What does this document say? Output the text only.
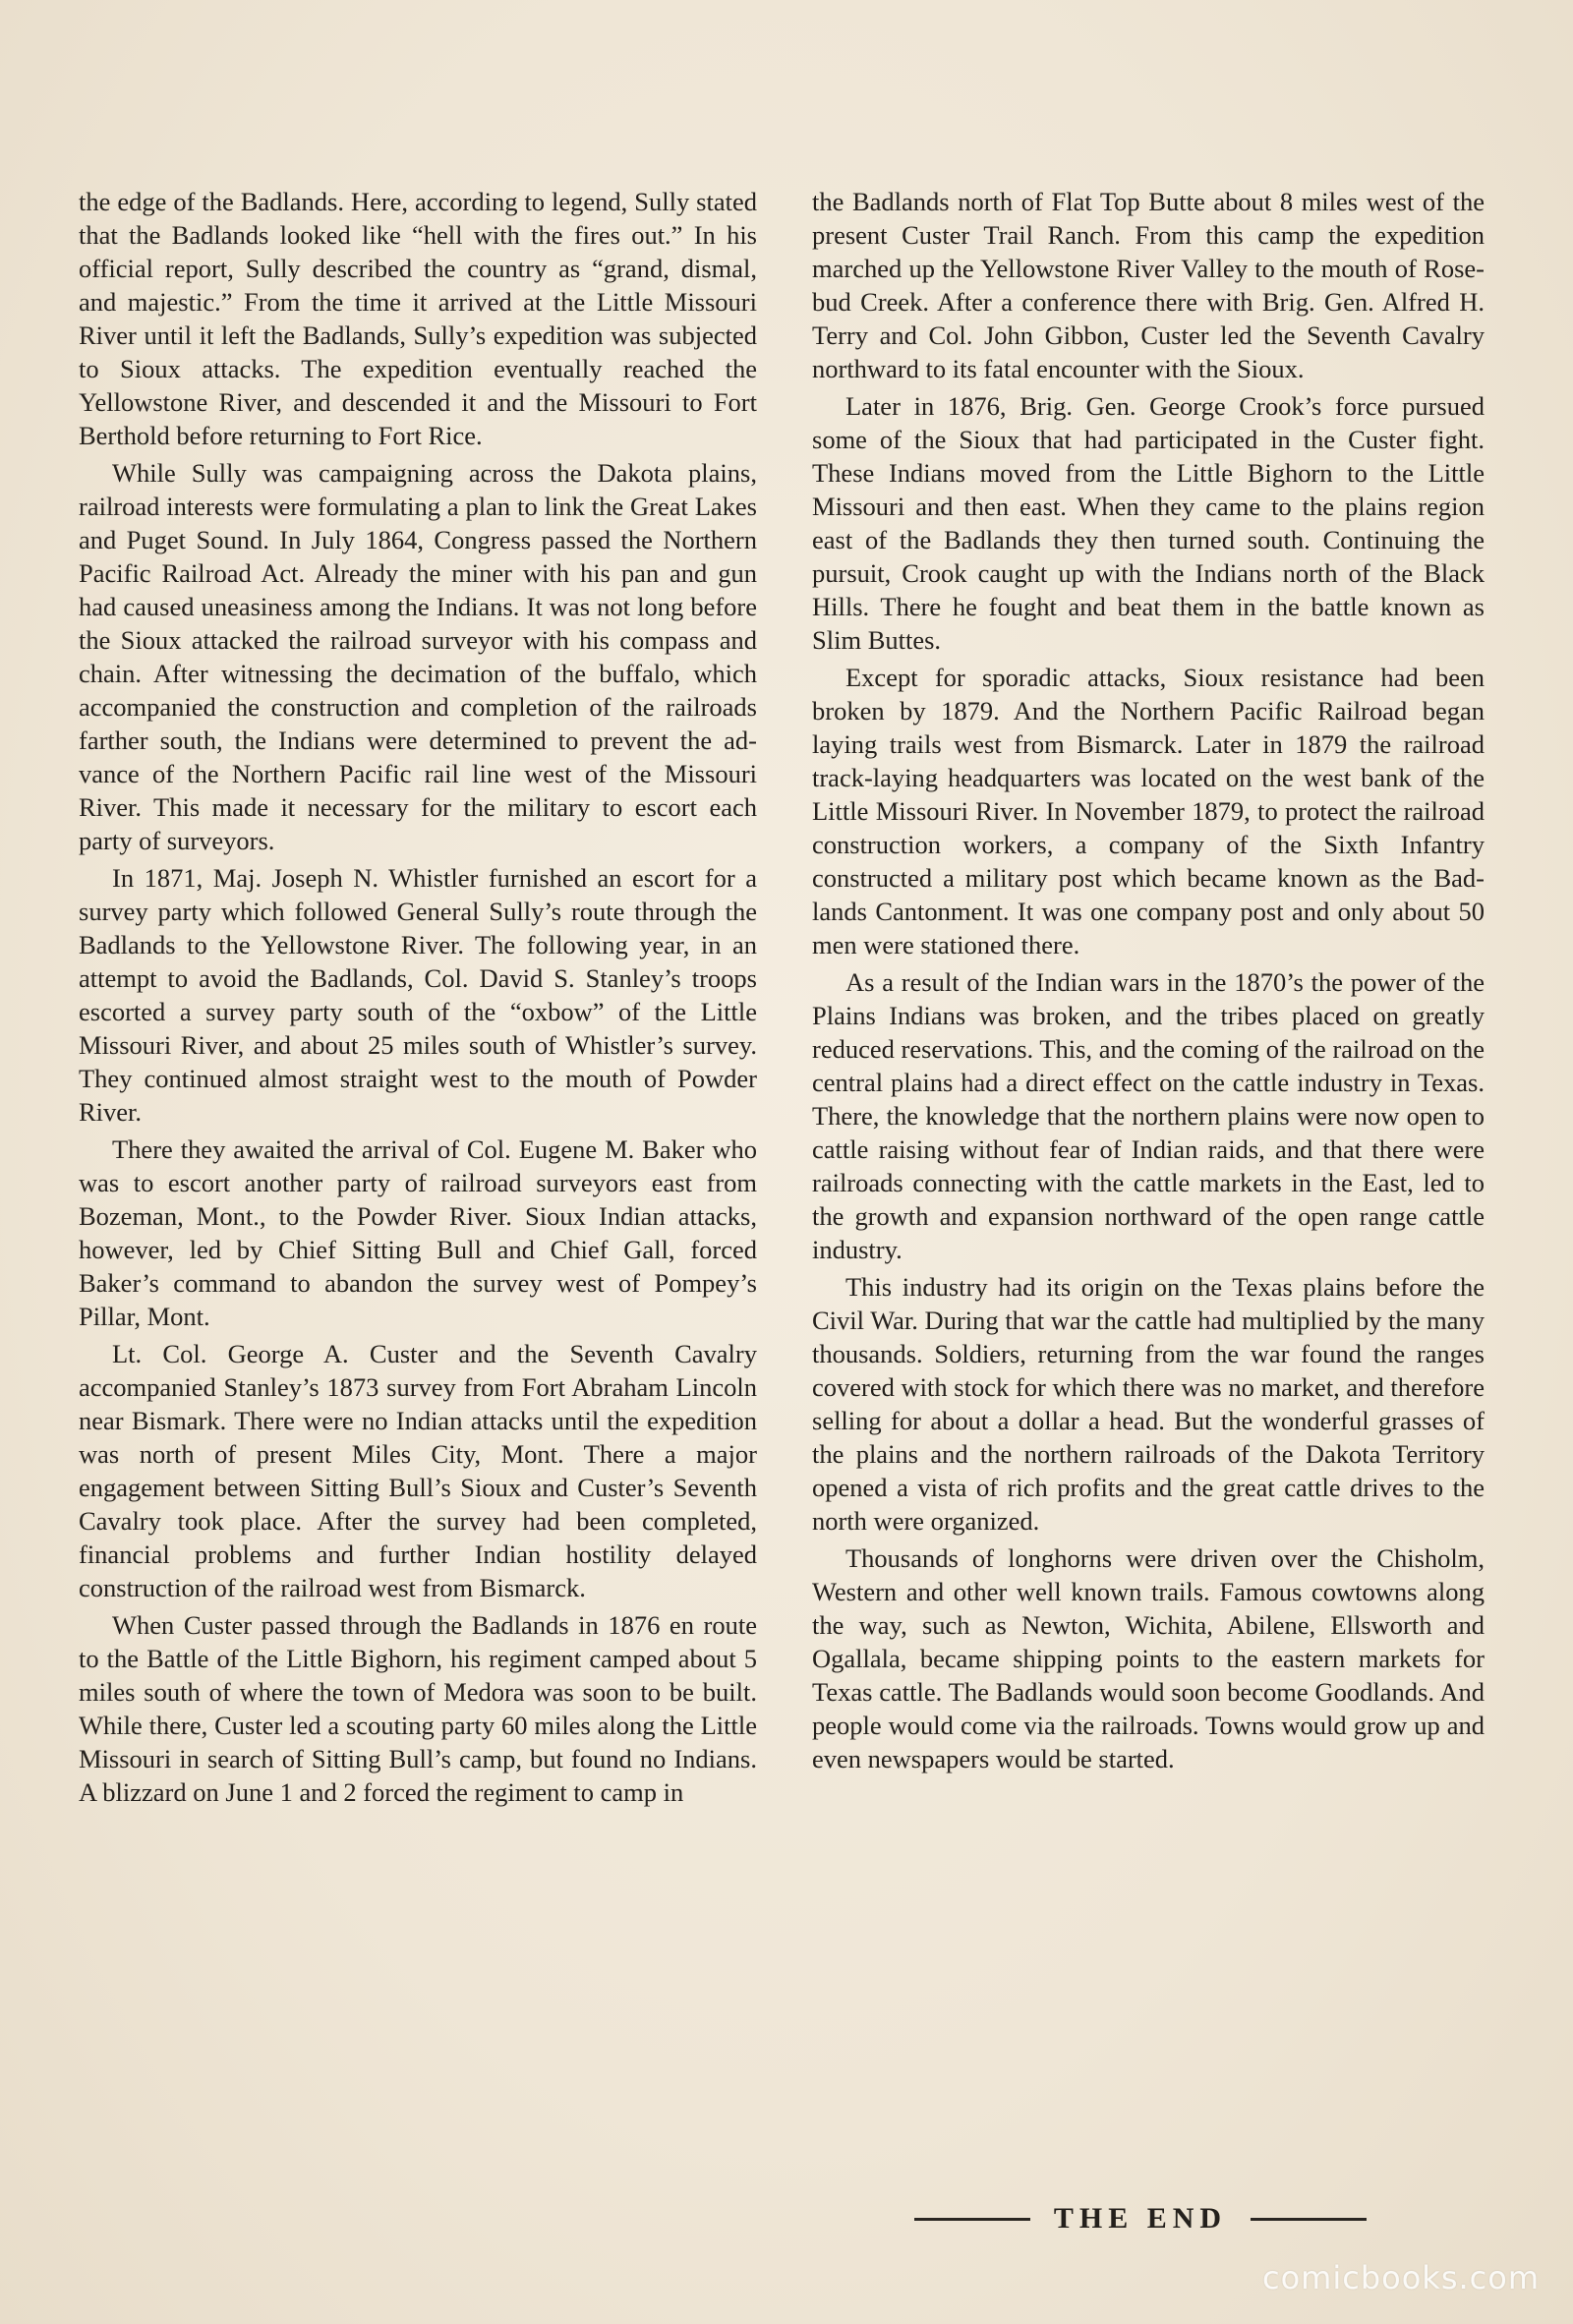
the edge of the Badlands. Here, according to legend, Sully stated that the Badlands looked like “hell with the fires out.” In his official report, Sully described the country as “grand, dismal, and majestic.” From the time it arrived at the Little Missouri River until it left the Badlands, Sully’s expedition was subjected to Sioux attacks. The expedition eventually reached the Yellowstone River, and descended it and the Missouri to Fort Berthold before returning to Fort Rice.

While Sully was campaigning across the Dakota plains, railroad interests were formulating a plan to link the Great Lakes and Puget Sound. In July 1864, Congress passed the Northern Pacific Railroad Act. Already the miner with his pan and gun had caused uneasiness among the Indians. It was not long before the Sioux attacked the railroad surveyor with his compass and chain. After witnessing the decimation of the buffalo, which accompanied the construction and completion of the railroads farther south, the Indians were determined to prevent the advance of the Northern Pacific rail line west of the Missouri River. This made it necessary for the military to escort each party of surveyors.

In 1871, Maj. Joseph N. Whistler furnished an escort for a survey party which followed General Sully’s route through the Badlands to the Yellowstone River. The following year, in an attempt to avoid the Badlands, Col. David S. Stanley’s troops escorted a survey party south of the “oxbow” of the Little Missouri River, and about 25 miles south of Whistler’s survey. They continued almost straight west to the mouth of Powder River.

There they awaited the arrival of Col. Eugene M. Baker who was to escort another party of railroad surveyors east from Bozeman, Mont., to the Powder River. Sioux Indian attacks, however, led by Chief Sitting Bull and Chief Gall, forced Baker’s command to abandon the survey west of Pompey’s Pillar, Mont.

Lt. Col. George A. Custer and the Seventh Cavalry accompanied Stanley’s 1873 survey from Fort Abraham Lincoln near Bismark. There were no Indian attacks until the expedition was north of present Miles City, Mont. There a major engagement between Sitting Bull’s Sioux and Custer’s Seventh Cavalry took place. After the survey had been completed, financial problems and further Indian hostility delayed construction of the railroad west from Bismarck.

When Custer passed through the Badlands in 1876 en route to the Battle of the Little Bighorn, his regiment camped about 5 miles south of where the town of Medora was soon to be built. While there, Custer led a scouting party 60 miles along the Little Missouri in search of Sitting Bull’s camp, but found no Indians. A blizzard on June 1 and 2 forced the regiment to camp in

the Badlands north of Flat Top Butte about 8 miles west of the present Custer Trail Ranch. From this camp the expedition marched up the Yellowstone River Valley to the mouth of Rosebud Creek. After a conference there with Brig. Gen. Alfred H. Terry and Col. John Gibbon, Custer led the Seventh Cavalry northward to its fatal encounter with the Sioux.

Later in 1876, Brig. Gen. George Crook’s force pursued some of the Sioux that had participated in the Custer fight. These Indians moved from the Little Bighorn to the Little Missouri and then east. When they came to the plains region east of the Badlands they then turned south. Continuing the pursuit, Crook caught up with the Indians north of the Black Hills. There he fought and beat them in the battle known as Slim Buttes.

Except for sporadic attacks, Sioux resistance had been broken by 1879. And the Northern Pacific Railroad began laying trails west from Bismarck. Later in 1879 the railroad track-laying headquarters was located on the west bank of the Little Missouri River. In November 1879, to protect the railroad construction workers, a company of the Sixth Infantry constructed a military post which became known as the Badlands Cantonment. It was one company post and only about 50 men were stationed there.

As a result of the Indian wars in the 1870’s the power of the Plains Indians was broken, and the tribes placed on greatly reduced reservations. This, and the coming of the railroad on the central plains had a direct effect on the cattle industry in Texas. There, the knowledge that the northern plains were now open to cattle raising without fear of Indian raids, and that there were railroads connecting with the cattle markets in the East, led to the growth and expansion northward of the open range cattle industry.

This industry had its origin on the Texas plains before the Civil War. During that war the cattle had multiplied by the many thousands. Soldiers, returning from the war found the ranges covered with stock for which there was no market, and therefore selling for about a dollar a head. But the wonderful grasses of the plains and the northern railroads of the Dakota Territory opened a vista of rich profits and the great cattle drives to the north were organized.

Thousands of longhorns were driven over the Chisholm, Western and other well known trails. Famous cowtowns along the way, such as Newton, Wichita, Abilene, Ellsworth and Ogallala, became shipping points to the eastern markets for Texas cattle. The Badlands would soon become Goodlands. And people would come via the railroads. Towns would grow up and even newspapers would be started.

THE END
comicbooks.com
